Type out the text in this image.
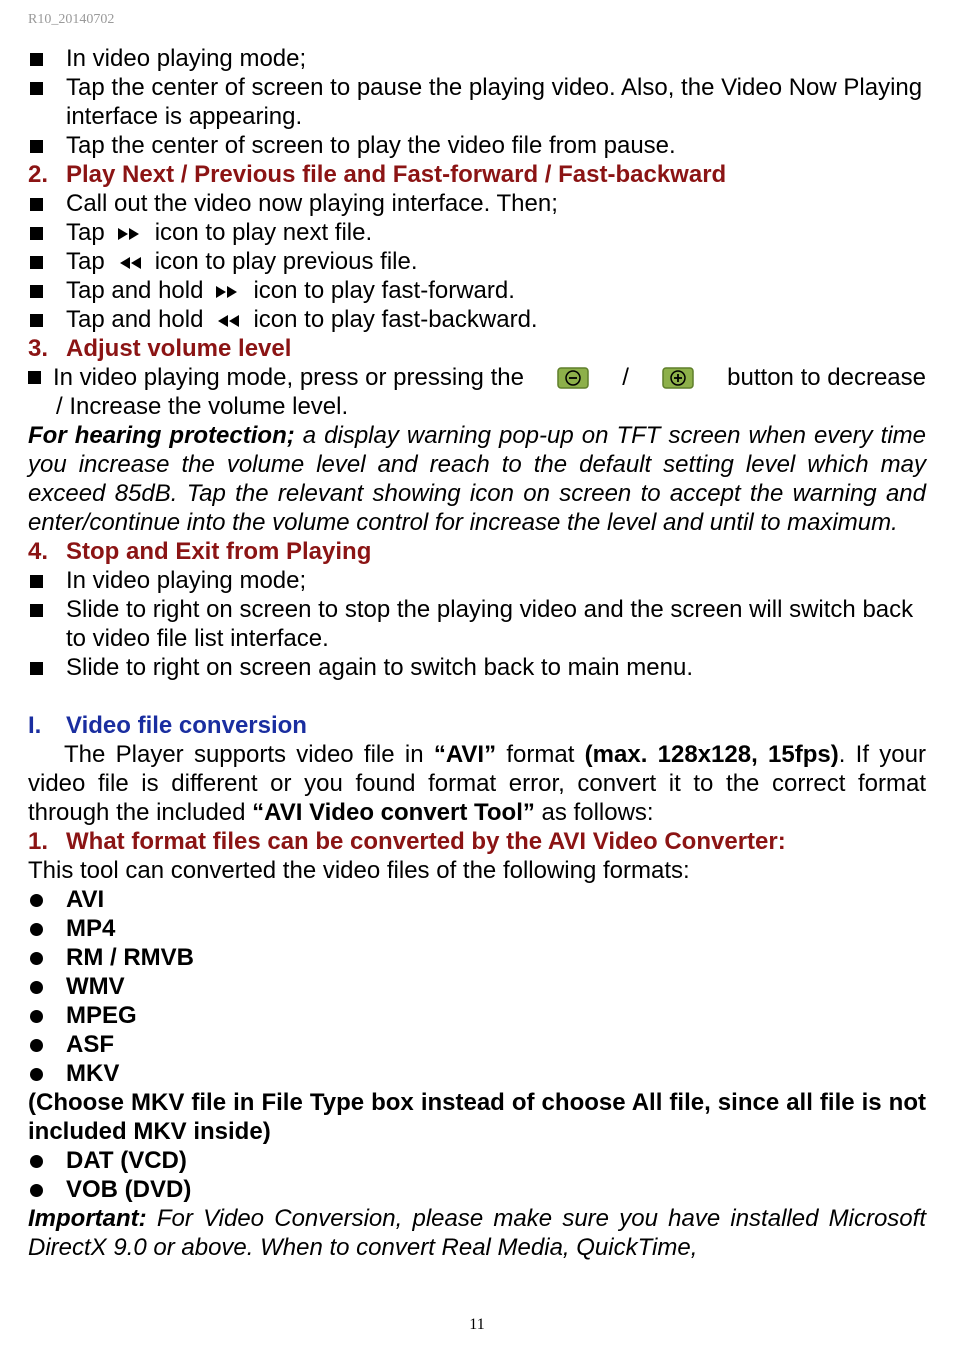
R10_20140702
In video playing mode;
Tap the center of screen to pause the playing video. Also, the Video Now Playing interface is appearing.
Tap the center of screen to play the video file from pause.
2. Play Next / Previous file and Fast-forward / Fast-backward
Call out the video now playing interface. Then;
Tap icon to play next file.
Tap icon to play previous file.
Tap and hold icon to play fast-forward.
Tap and hold icon to play fast-backward.
3. Adjust volume level
In video playing mode, press or pressing the	/	button to decrease
/ Increase the volume level.
For hearing protection; a display warning pop-up on TFT screen when every time you increase the volume level and reach to the default setting level which may exceed 85dB. Tap the relevant showing icon on screen to accept the warning and enter/continue into the volume control for increase the level and until to maximum.
4. Stop and Exit from Playing
In video playing mode;
Slide to right on screen to stop the playing video and the screen will switch back to video file list interface.
Slide to right on screen again to switch back to main menu.
I.	Video file conversion
The Player supports video file in “AVI” format (max. 128x128, 15fps). If your video file is different or you found format error, convert it to the correct format through the included “AVI Video convert Tool” as follows:
1. What format files can be converted by the AVI Video Converter:
This tool can converted the video files of the following formats:
AVI
MP4
RM / RMVB
WMV
MPEG
ASF
MKV
(Choose MKV file in File Type box instead of choose All file, since all file is not included MKV inside)
DAT (VCD)
VOB (DVD)
Important: For Video Conversion, please make sure you have installed Microsoft DirectX 9.0 or above. When to convert Real Media, QuickTime,
11
